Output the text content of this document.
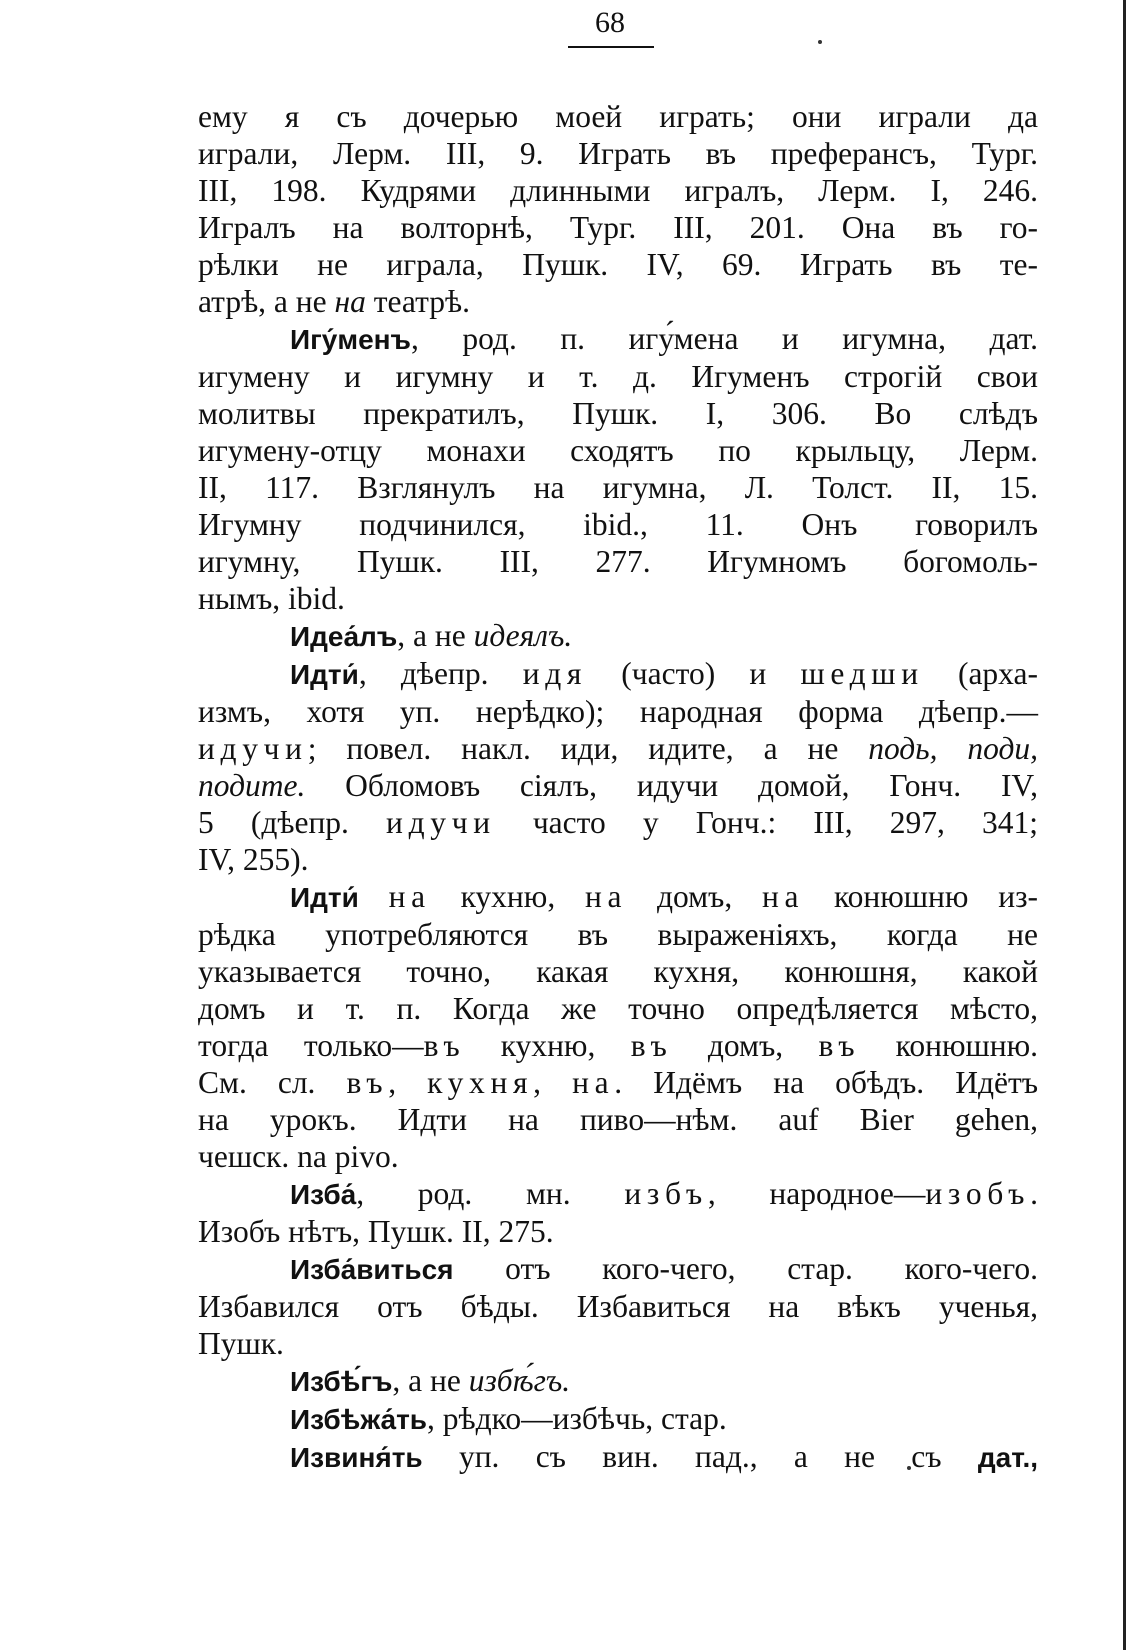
68

ему я съ дочерью моей играть; они играли да

играли, Лерм. III, 9. Играть въ преферансъ, Тург.

III, 198. Кудрями длинными игралъ, Лерм. I, 246.

Игралъ на волторнѣ, Тург. III, 201. Она въ го-

рѣлки не играла, Пушк. IV, 69. Играть въ те-

атрѣ, а не на театрѣ.

Игу́менъ, род. п. игу́мена и игумна, дат.

игумену и игумну и т. д. Игуменъ строгій свои

молитвы прекратилъ, Пушк. I, 306. Во слѣдъ

игумену-отцу монахи сходятъ по крыльцу, Лерм.

II, 117. Взглянулъ на игумна, Л. Толст. II, 15.

Игумну подчинился, ibid., 11. Онъ говорилъ

игумну, Пушк. III, 277. Игумномъ богомоль-

нымъ, ibid.

Идеа́лъ, а не идеялъ.

Идти́, дѣепр. идя (часто) и шедши (арха-

измъ, хотя уп. нерѣдко); народная форма дѣепр.—

идучи; повел. накл. иди, идите, а не подь, поди,

подите. Обломовъ сіялъ, идучи домой, Гонч. IV,

5 (дѣепр. идучи часто у Гонч.: III, 297, 341;

IV, 255).

Идти́ на кухню, на домъ, на конюшню из-

рѣдка употребляются въ выраженіяхъ, когда не

указывается точно, какая кухня, конюшня, какой

домъ и т. п. Когда же точно опредѣляется мѣсто,

тогда только—въ кухню, въ домъ, въ конюшню.

См. сл. въ, кухня, на. Идёмъ на обѣдъ. Идётъ

на урокъ. Идти на пиво—нѣм. auf Bier gehen,

чешск. na pivo.

Изба́, род. мн. избъ, народное—изобъ.

Изобъ нѣтъ, Пушк. II, 275.

Изба́виться отъ кого-чего, стар. кого-чего.

Избавился отъ бѣды. Избавиться на вѣкъ ученья,

Пушк.

Избѣ́гъ, а не избѣ́гъ.

Избѣжа́ть, рѣдко—избѣчь, стар.

Извиня́ть уп. съ вин. пад., а не съ дат.,
